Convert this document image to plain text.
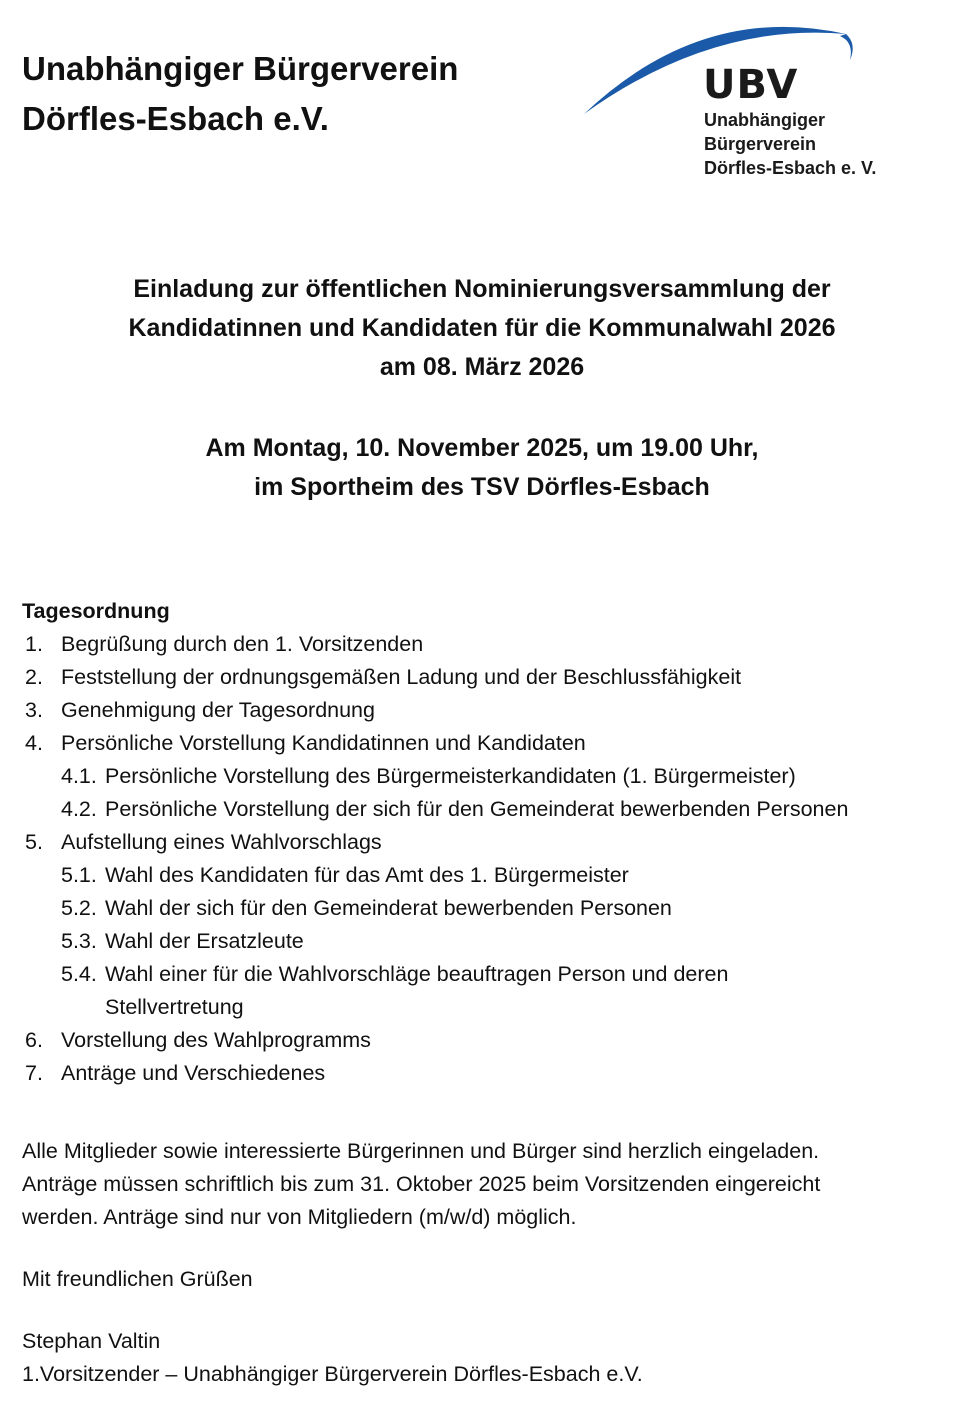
Unabhängiger Bürgerverein
Dörfles-Esbach e.V.
UBV
Unabhängiger
Bürgerverein
Dörfles-Esbach e. V.
Einladung zur öffentlichen Nominierungsversammlung der
Kandidatinnen und Kandidaten für die Kommunalwahl 2026
am 08. März 2026
Am Montag, 10. November 2025, um 19.00 Uhr,
im Sportheim des TSV Dörfles-Esbach
Tagesordnung
1. Begrüßung durch den 1. Vorsitzenden
2. Feststellung der ordnungsgemäßen Ladung und der Beschlussfähigkeit
3. Genehmigung der Tagesordnung
4. Persönliche Vorstellung Kandidatinnen und Kandidaten
4.1. Persönliche Vorstellung des Bürgermeisterkandidaten (1. Bürgermeister)
4.2. Persönliche Vorstellung der sich für den Gemeinderat bewerbenden Personen
5. Aufstellung eines Wahlvorschlags
5.1. Wahl des Kandidaten für das Amt des 1. Bürgermeister
5.2. Wahl der sich für den Gemeinderat bewerbenden Personen
5.3. Wahl der Ersatzleute
5.4. Wahl einer für die Wahlvorschläge beauftragen Person und deren Stellvertretung
6. Vorstellung des Wahlprogramms
7. Anträge und Verschiedenes
Alle Mitglieder sowie interessierte Bürgerinnen und Bürger sind herzlich eingeladen.
Anträge müssen schriftlich bis zum 31. Oktober 2025 beim Vorsitzenden eingereicht
werden. Anträge sind nur von Mitgliedern (m/w/d) möglich.
Mit freundlichen Grüßen
Stephan Valtin
1.Vorsitzender – Unabhängiger Bürgerverein Dörfles-Esbach e.V.
